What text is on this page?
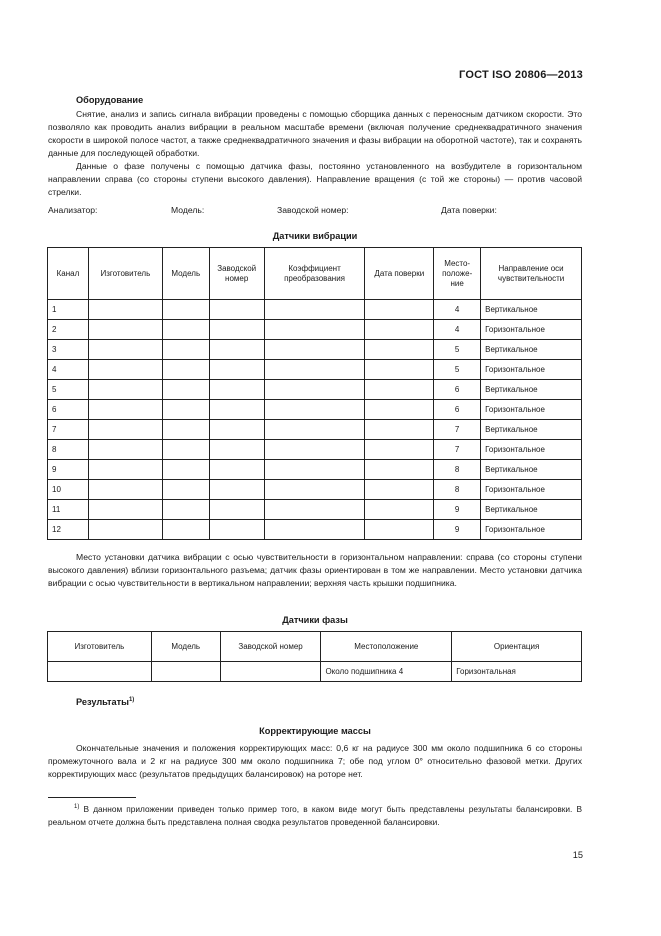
ГОСТ ISO 20806—2013
Оборудование

Снятие, анализ и запись сигнала вибрации проведены с помощью сборщика данных с переносным датчиком скорости. Это позволяло как проводить анализ вибрации в реальном масштабе времени (включая получение среднеквадратичного значения скорости в широкой полосе частот, а также среднеквадратичного значения и фазы вибрации на оборотной частоте), так и сохранять данные для последующей обработки.

Данные о фазе получены с помощью датчика фазы, постоянно установленного на возбудителе в горизонтальном направлении справа (со стороны ступени высокого давления). Направление вращения (с той же стороны) — против часовой стрелки.

Анализатор:	Модель:	Заводской номер:	Дата поверки:
Датчики вибрации
Канал	Изготовитель	Модель	Заводской номер	Коэффициент преобразования	Дата поверки	Место-положе-ние	Направление оси чувствительности
1						4	Вертикальное
2						4	Горизонтальное
3						5	Вертикальное
4						5	Горизонтальное
5						6	Вертикальное
6						6	Горизонтальное
7						7	Вертикальное
8						7	Горизонтальное
9						8	Вертикальное
10						8	Горизонтальное
11						9	Вертикальное
12						9	Горизонтальное

Место установки датчика вибрации с осью чувствительности в горизонтальном направлении: справа (со стороны ступени высокого давления) вблизи горизонтального разъема; датчик фазы ориентирован в том же направлении. Место установки датчика вибрации с осью чувствительности в вертикальном направлении; верхняя часть крышки подшипника.

Датчики фазы
Изготовитель	Модель	Заводской номер	Местоположение	Ориентация
			Около подшипника 4	Горизонтальная
Результаты$^{1)}$
Корректирующие массы

Окончательные значения и положения корректирующих масс: 0,6 кг на радиусе 300 мм около подшипника 6 со стороны промежуточного вала и 2 кг на радиусе 300 мм около подшипника 7; обе под углом 0° относительно фазовой метки. Других корректирующих масс (результатов предыдущих балансировок) на роторе нет.

$^{1)}$ В данном приложении приведен только пример того, в каком виде могут быть представлены результаты балансировки. В реальном отчете должна быть представлена полная сводка результатов проведенной балансировки.
15
